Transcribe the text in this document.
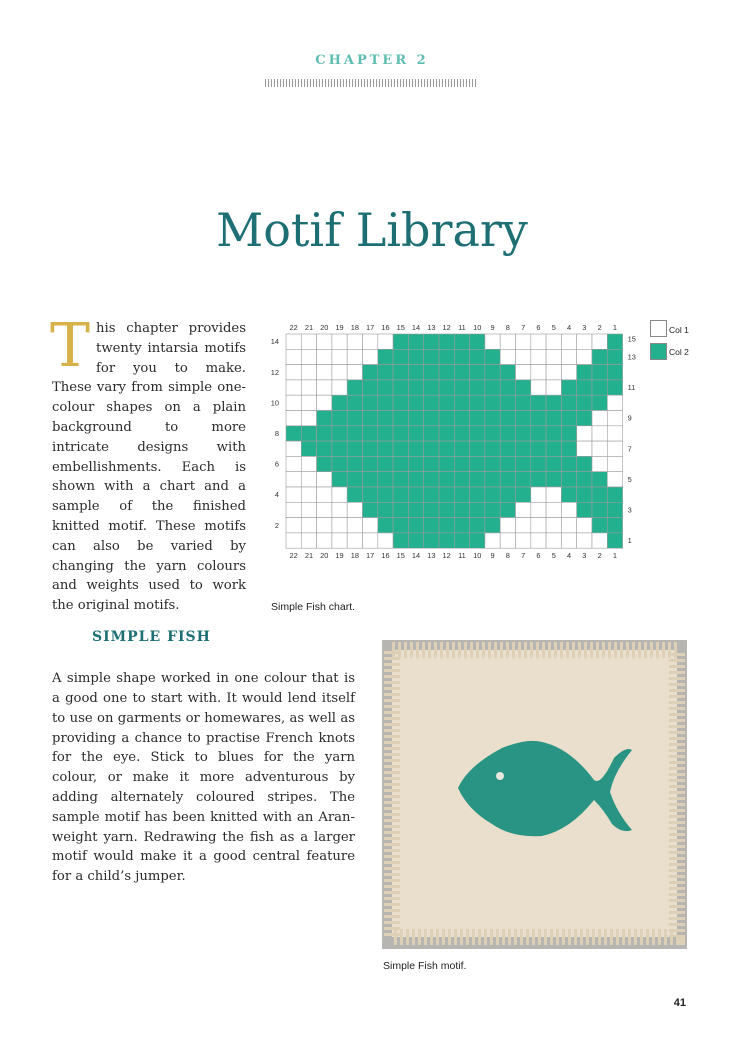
CHAPTER 2
Motif Library
T his chapter provides twenty intarsia motifs for you to make. These vary from simple one-colour shapes on a plain background to more intricate designs with embellishments. Each is shown with a chart and a sample of the finished knitted motif. These motifs can also be varied by changing the yarn colours and weights used to work the original motifs.
22
22
21
21
20
20
19
19
18
18
17
17
16
16
15
15
14
14
13
13
12
12
11
11
10
10
9
9
8
8
7
7
6
6
5
5
4
4
3
3
2
2
1
1
14
12
10
8
6
4
2
15
13
11
9
7
5
3
1
Simple Fish chart.
Col 1
Col 2
SIMPLE FISH

A simple shape worked in one colour that is a good one to start with. It would lend itself to use on garments or homewares, as well as providing a chance to practise French knots for the eye. Stick to blues for the yarn colour, or make it more adventurous by adding alternately coloured stripes. The sample motif has been knitted with an Aran-weight yarn. Redrawing the fish as a larger motif would make it a good central feature for a child’s jumper.

Simple Fish motif.
41
